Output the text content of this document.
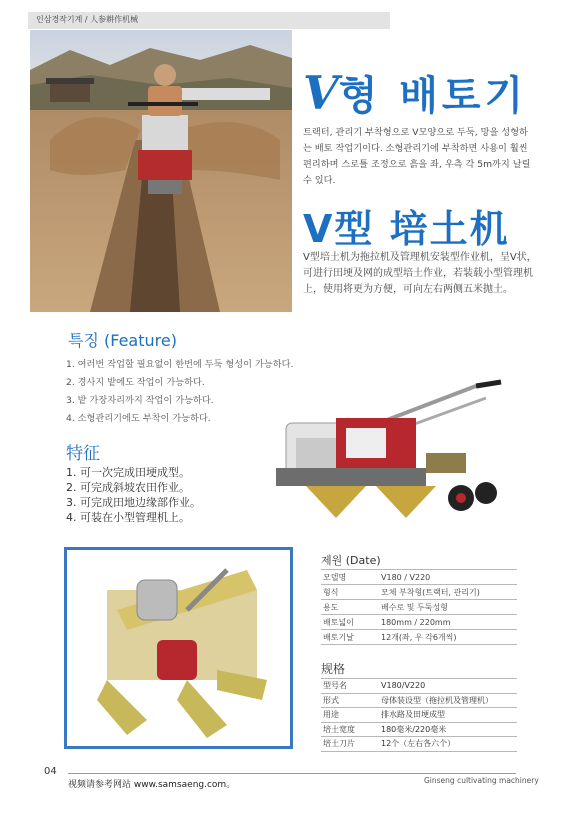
인삼경작기계 / 人参耕作机械
V형 배토기
트랙터, 관리기 부착형으로 V모양으로 두둑, 망을 성형하는 배토 작업기이다. 소형관리기에 부착하면 사용이 훨씬 편리하며 스로틀 조정으로 흙을 좌, 우측 각 5m까지 날릴 수 있다.
V型 培土机
V型培土机为拖拉机及管理机安装型作业机，呈V状，可进行田埂及网的成型培土作业，若装载小型管理机上，使用将更为方便，可向左右两侧五米抛土。
특징 (Feature)
1. 여러번 작업할 필요없이 한번에 두둑 형성이 가능하다.
2. 경사지 밭에도 작업이 가능하다.
3. 밭 가장자리까지 작업이 가능하다.
4. 소형관리기에도 부착이 가능하다.
特征
1. 可一次完成田埂成型。
2. 可完成斜坡农田作业。
3. 可完成田地边缘部作业。
4. 可装在小型管理机上。
제원 (Date)
모델명	V180 / V220
형식	모체 부착형(트랙터, 관리기)
용도	배수로 및 두둑성형
배토넓이	180mm / 220mm
배토기날	12개(좌, 우 각6개씩)
规格
型号名	V180/V220
形式	母体装设型（拖拉机及管理机）
用途	排水路及田埂成型
培土宽度	180毫米/220毫米
培土刀片	12个（左右各六个）
04
视频请参考网站 www.samsaeng.com。	Ginseng cultivating machinery
